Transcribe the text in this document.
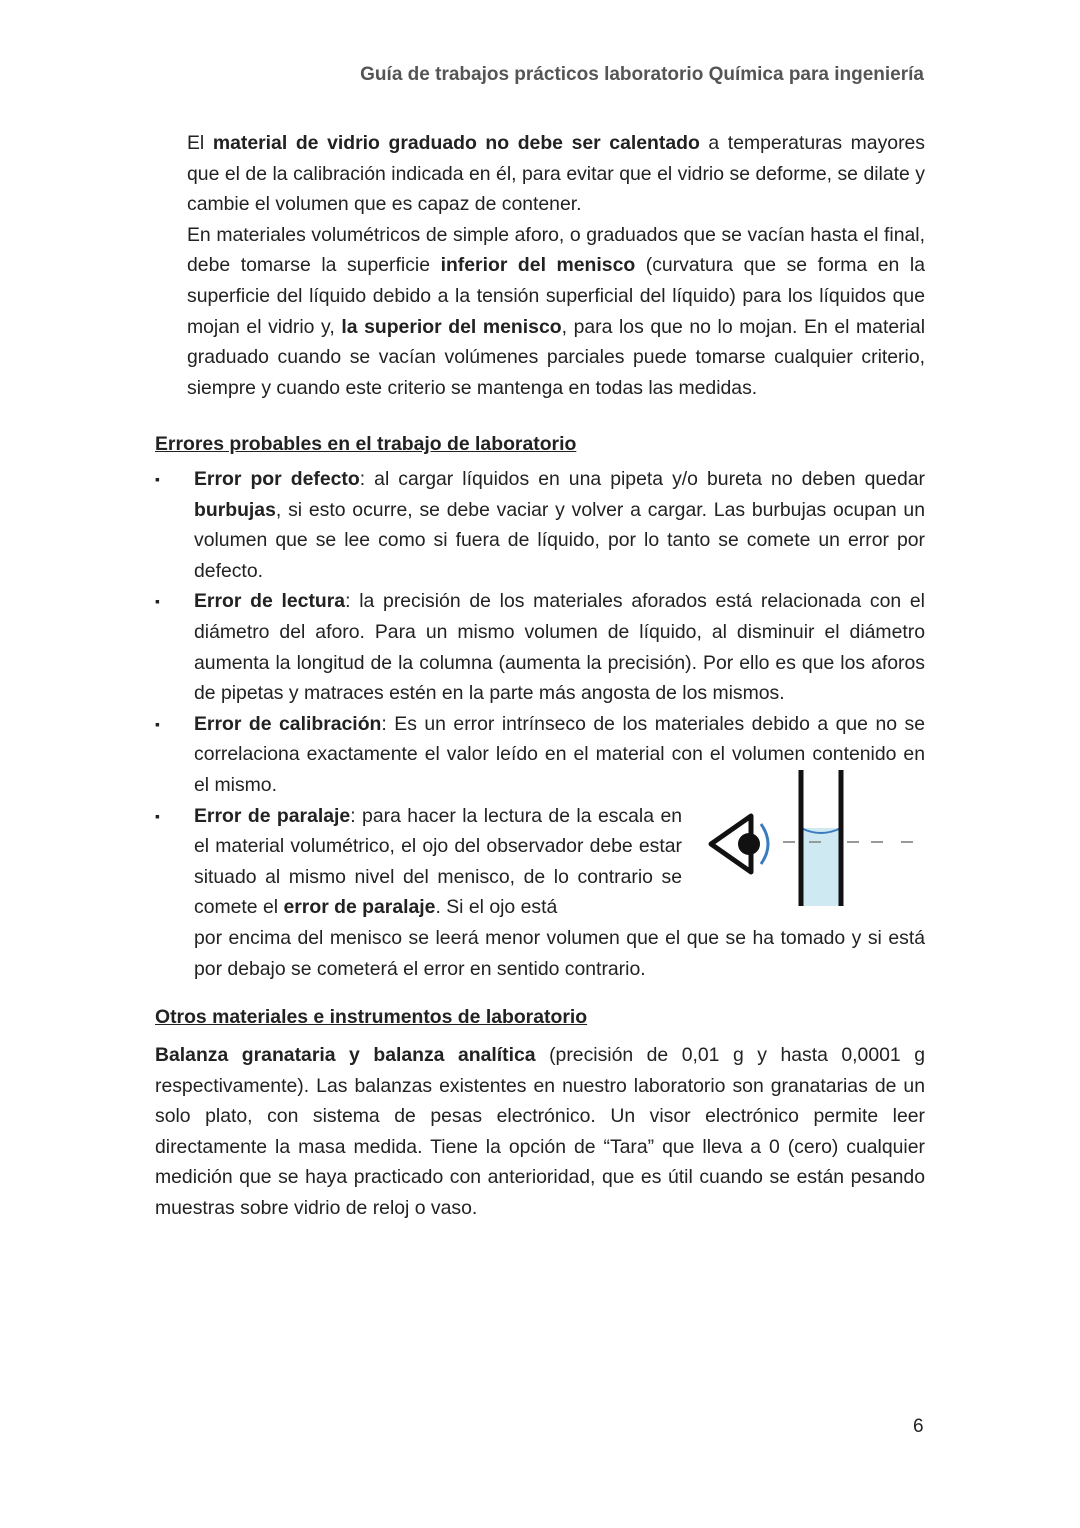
Guía de trabajos prácticos laboratorio Química para ingeniería

El material de vidrio graduado no debe ser calentado a temperaturas mayores que el de la calibración indicada en él, para evitar que el vidrio se deforme, se dilate y cambie el volumen que es capaz de contener.

En materiales volumétricos de simple aforo, o graduados que se vacían hasta el final, debe tomarse la superficie inferior del menisco (curvatura que se forma en la superficie del líquido debido a la tensión superficial del líquido) para los líquidos que mojan el vidrio y, la superior del menisco, para los que no lo mojan. En el material graduado cuando se vacían volúmenes parciales puede tomarse cualquier criterio, siempre y cuando este criterio se mantenga en todas las medidas.

Errores probables en el trabajo de laboratorio

▪ Error por defecto: al cargar líquidos en una pipeta y/o bureta no deben quedar burbujas, si esto ocurre, se debe vaciar y volver a cargar. Las burbujas ocupan un volumen que se lee como si fuera de líquido, por lo tanto se comete un error por defecto.

▪ Error de lectura: la precisión de los materiales aforados está relacionada con el diámetro del aforo. Para un mismo volumen de líquido, al disminuir el diámetro aumenta la longitud de la columna (aumenta la precisión). Por ello es que los aforos de pipetas y matraces estén en la parte más angosta de los mismos.

▪ Error de calibración: Es un error intrínseco de los materiales debido a que no se correlaciona exactamente el valor leído en el material con el volumen contenido en el mismo.

▪ Error de paralaje: para hacer la lectura de la escala en el material volumétrico, el ojo del observador debe estar situado al mismo nivel del menisco, de lo contrario se comete el error de paralaje. Si el ojo está
por encima del menisco se leerá menor volumen que el que se ha tomado y si está por debajo se cometerá el error en sentido contrario.
Otros materiales e instrumentos de laboratorio

Balanza granataria y balanza analítica (precisión de 0,01 g y hasta 0,0001 g respectivamente). Las balanzas existentes en nuestro laboratorio son granatarias de un solo plato, con sistema de pesas electrónico. Un visor electrónico permite leer directamente la masa medida. Tiene la opción de “Tara” que lleva a 0 (cero) cualquier medición que se haya practicado con anterioridad, que es útil cuando se están pesando muestras sobre vidrio de reloj o vaso.

6
